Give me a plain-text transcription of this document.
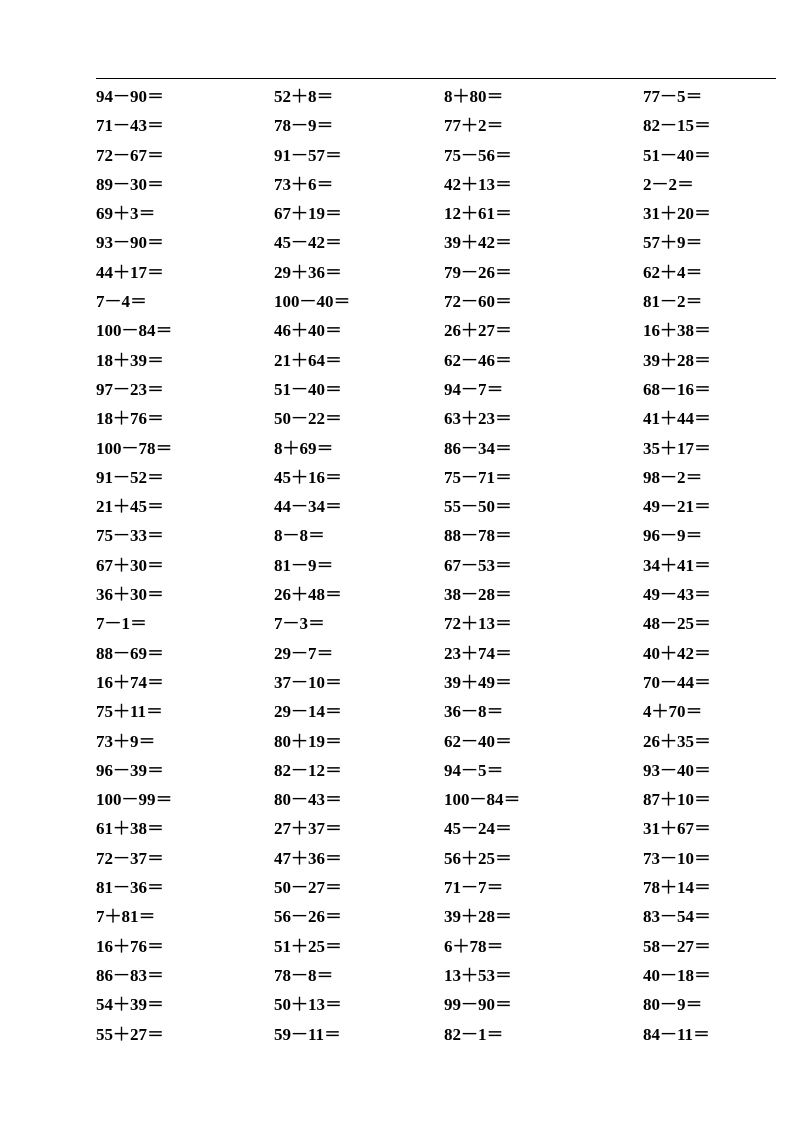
94－90＝	52＋8＝	8＋80＝	77－5＝
71－43＝	78－9＝	77＋2＝	82－15＝
72－67＝	91－57＝	75－56＝	51－40＝
89－30＝	73＋6＝	42＋13＝	2－2＝
69＋3＝	67＋19＝	12＋61＝	31＋20＝
93－90＝	45－42＝	39＋42＝	57＋9＝
44＋17＝	29＋36＝	79－26＝	62＋4＝
7－4＝	100－40＝	72－60＝	81－2＝
100－84＝	46＋40＝	26＋27＝	16＋38＝
18＋39＝	21＋64＝	62－46＝	39＋28＝
97－23＝	51－40＝	94－7＝	68－16＝
18＋76＝	50－22＝	63＋23＝	41＋44＝
100－78＝	8＋69＝	86－34＝	35＋17＝
91－52＝	45＋16＝	75－71＝	98－2＝
21＋45＝	44－34＝	55－50＝	49－21＝
75－33＝	8－8＝	88－78＝	96－9＝
67＋30＝	81－9＝	67－53＝	34＋41＝
36＋30＝	26＋48＝	38－28＝	49－43＝
7－1＝	7－3＝	72＋13＝	48－25＝
88－69＝	29－7＝	23＋74＝	40＋42＝
16＋74＝	37－10＝	39＋49＝	70－44＝
75＋11＝	29－14＝	36－8＝	4＋70＝
73＋9＝	80＋19＝	62－40＝	26＋35＝
96－39＝	82－12＝	94－5＝	93－40＝
100－99＝	80－43＝	100－84＝	87＋10＝
61＋38＝	27＋37＝	45－24＝	31＋67＝
72－37＝	47＋36＝	56＋25＝	73－10＝
81－36＝	50－27＝	71－7＝	78＋14＝
7＋81＝	56－26＝	39＋28＝	83－54＝
16＋76＝	51＋25＝	6＋78＝	58－27＝
86－83＝	78－8＝	13＋53＝	40－18＝
54＋39＝	50＋13＝	99－90＝	80－9＝
55＋27＝	59－11＝	82－1＝	84－11＝
